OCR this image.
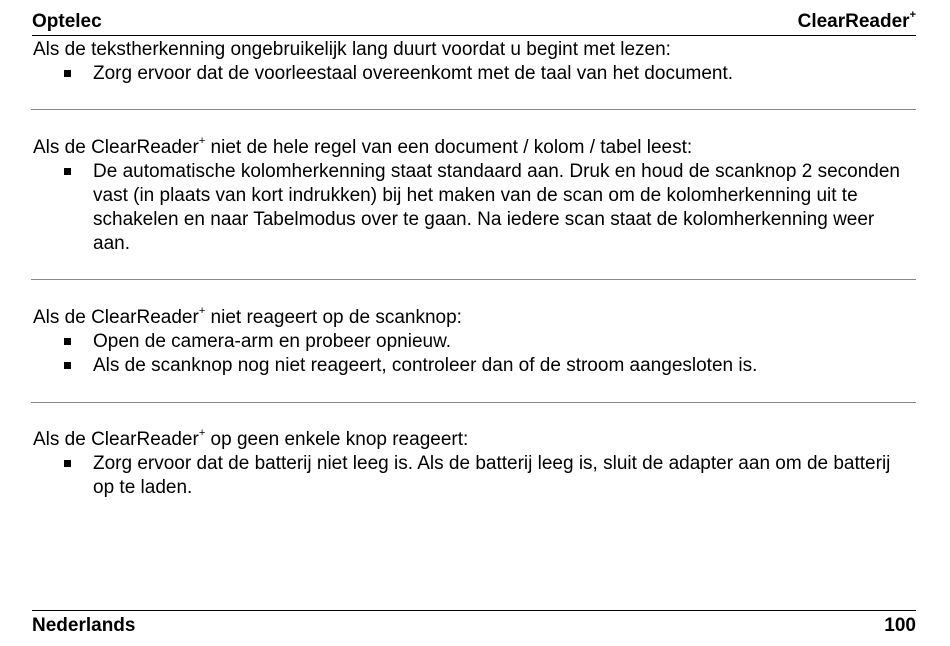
Optelec	ClearReader+

Als de tekstherkenning ongebruikelijk lang duurt voordat u begint met lezen:

Zorg ervoor dat de voorleestaal overeenkomt met de taal van het document.

Als de ClearReader+ niet de hele regel van een document / kolom / tabel leest:

De automatische kolomherkenning staat standaard aan. Druk en houd de scanknop 2 seconden vast (in plaats van kort indrukken) bij het maken van de scan om de kolomherkenning uit te schakelen en naar Tabelmodus over te gaan. Na iedere scan staat de kolomherkenning weer aan.

Als de ClearReader+ niet reageert op de scanknop:

Open de camera-arm en probeer opnieuw.
Als de scanknop nog niet reageert, controleer dan of de stroom aangesloten is.

Als de ClearReader+ op geen enkele knop reageert:

Zorg ervoor dat de batterij niet leeg is. Als de batterij leeg is, sluit de adapter aan om de batterij op te laden.
Nederlands	100
